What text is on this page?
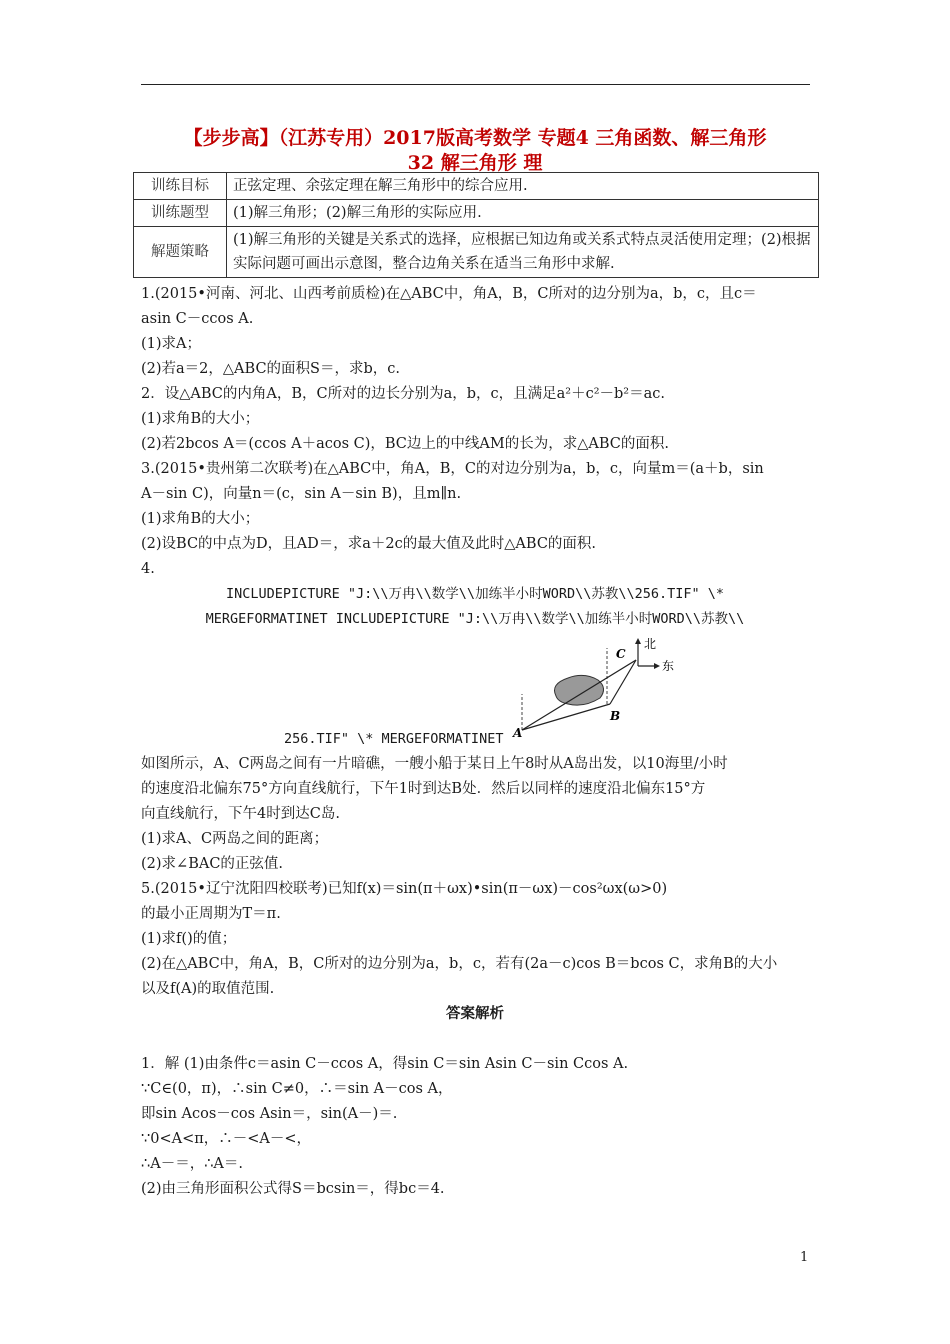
【步步高】（江苏专用）2017版高考数学 专题4 三角函数、解三角形
32 解三角形 理
训练目标	正弦定理、余弦定理在解三角形中的综合应用.
训练题型	(1)解三角形；(2)解三角形的实际应用.
解题策略	(1)解三角形的关键是关系式的选择，应根据已知边角或关系式特点灵活使用定理；(2)根据实际问题可画出示意图，整合边角关系在适当三角形中求解.
1.(2015•河南、河北、山西考前质检)在△ABC中，角A，B，C所对的边分别为a，b，c，且c＝
asin C－ccos A.
(1)求A；
(2)若a＝2，△ABC的面积S＝，求b，c.
2．设△ABC的内角A，B，C所对的边长分别为a，b，c，且满足a²＋c²－b²＝ac.
(1)求角B的大小；
(2)若2bcos A＝(ccos A＋acos C)，BC边上的中线AM的长为，求△ABC的面积.
3.(2015•贵州第二次联考)在△ABC中，角A，B，C的对边分别为a，b，c，向量m＝(a＋b，sin
A－sin C)，向量n＝(c，sin A－sin B)，且m∥n.
(1)求角B的大小；
(2)设BC的中点为D，且AD＝，求a＋2c的最大值及此时△ABC的面积.
4.
INCLUDEPICTURE "J:\\万冉\\数学\\加练半小时WORD\\苏教\\256.TIF" \*
MERGEFORMATINET INCLUDEPICTURE "J:\\万冉\\数学\\加练半小时WORD\\苏教\\
北
东
A
B
C
256.TIF" \* MERGEFORMATINET
如图所示，A、C两岛之间有一片暗礁，一艘小船于某日上午8时从A岛出发，以10海里/小时
的速度沿北偏东75°方向直线航行，下午1时到达B处．然后以同样的速度沿北偏东15°方
向直线航行，下午4时到达C岛.
(1)求A、C两岛之间的距离；
(2)求∠BAC的正弦值.
5.(2015•辽宁沈阳四校联考)已知f(x)＝sin(π＋ωx)•sin(π－ωx)－cos²ωx(ω>0)
的最小正周期为T＝π.
(1)求f()的值；
(2)在△ABC中，角A，B，C所对的边分别为a，b，c，若有(2a－c)cos B＝bcos C，求角B的大小
以及f(A)的取值范围.
答案解析
1．解 (1)由条件c＝asin C－ccos A，得sin C＝sin Asin C－sin Ccos A.
∵C∈(0，π)，∴sin C≠0，∴＝sin A－cos A，
即sin Acos－cos Asin＝，sin(A－)＝.
∵0<A<π，∴－<A－<，
∴A－＝，∴A＝.
(2)由三角形面积公式得S＝bcsin＝，得bc＝4.
1
